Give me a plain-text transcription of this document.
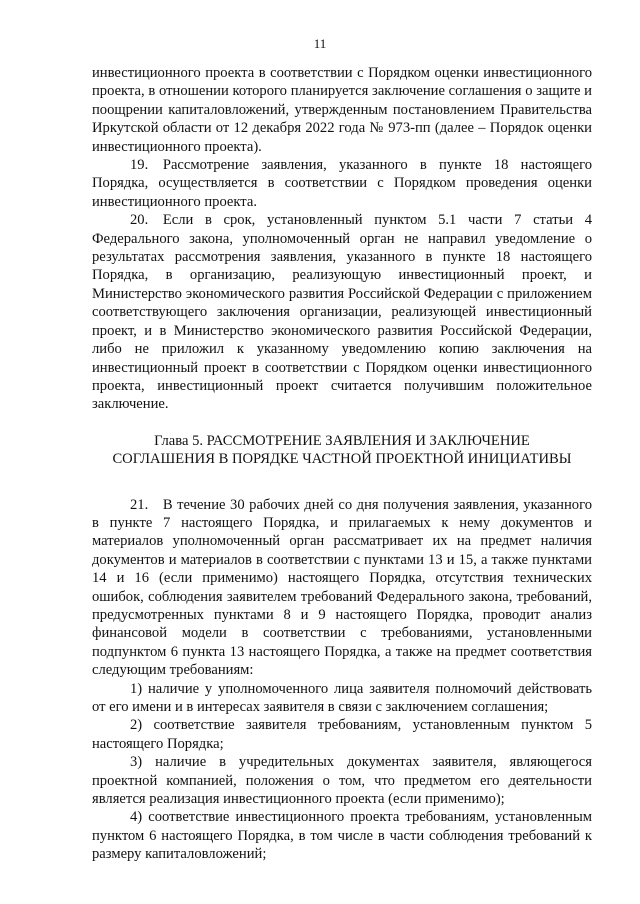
11

инвестиционного проекта в соответствии с Порядком оценки инвестиционного проекта, в отношении которого планируется заключение соглашения о защите и поощрении капиталовложений, утвержденным постановлением Правительства Иркутской области от 12 декабря 2022 года № 973-пп (далее – Порядок оценки инвестиционного проекта).

19. Рассмотрение заявления, указанного в пункте 18 настоящего Порядка, осуществляется в соответствии с Порядком проведения оценки инвестиционного проекта.

20. Если в срок, установленный пунктом 5.1 части 7 статьи 4 Федерального закона, уполномоченный орган не направил уведомление о результатах рассмотрения заявления, указанного в пункте 18 настоящего Порядка, в организацию, реализующую инвестиционный проект, и Министерство экономического развития Российской Федерации с приложением соответствующего заключения организации, реализующей инвестиционный проект, и в Министерство экономического развития Российской Федерации, либо не приложил к указанному уведомлению копию заключения на инвестиционный проект в соответствии с Порядком оценки инвестиционного проекта, инвестиционный проект считается получившим положительное заключение.

Глава 5. РАССМОТРЕНИЕ ЗАЯВЛЕНИЯ И ЗАКЛЮЧЕНИЕ
СОГЛАШЕНИЯ В ПОРЯДКЕ ЧАСТНОЙ ПРОЕКТНОЙ ИНИЦИАТИВЫ

21. В течение 30 рабочих дней со дня получения заявления, указанного в пункте 7 настоящего Порядка, и прилагаемых к нему документов и материалов уполномоченный орган рассматривает их на предмет наличия документов и материалов в соответствии с пунктами 13 и 15, а также пунктами 14 и 16 (если применимо) настоящего Порядка, отсутствия технических ошибок, соблюдения заявителем требований Федерального закона, требований, предусмотренных пунктами 8 и 9 настоящего Порядка, проводит анализ финансовой модели в соответствии с требованиями, установленными подпунктом 6 пункта 13 настоящего Порядка, а также на предмет соответствия следующим требованиям:

1) наличие у уполномоченного лица заявителя полномочий действовать от его имени и в интересах заявителя в связи с заключением соглашения;

2) соответствие заявителя требованиям, установленным пунктом 5 настоящего Порядка;

3) наличие в учредительных документах заявителя, являющегося проектной компанией, положения о том, что предметом его деятельности является реализация инвестиционного проекта (если применимо);

4) соответствие инвестиционного проекта требованиям, установленным пунктом 6 настоящего Порядка, в том числе в части соблюдения требований к размеру капиталовложений;
